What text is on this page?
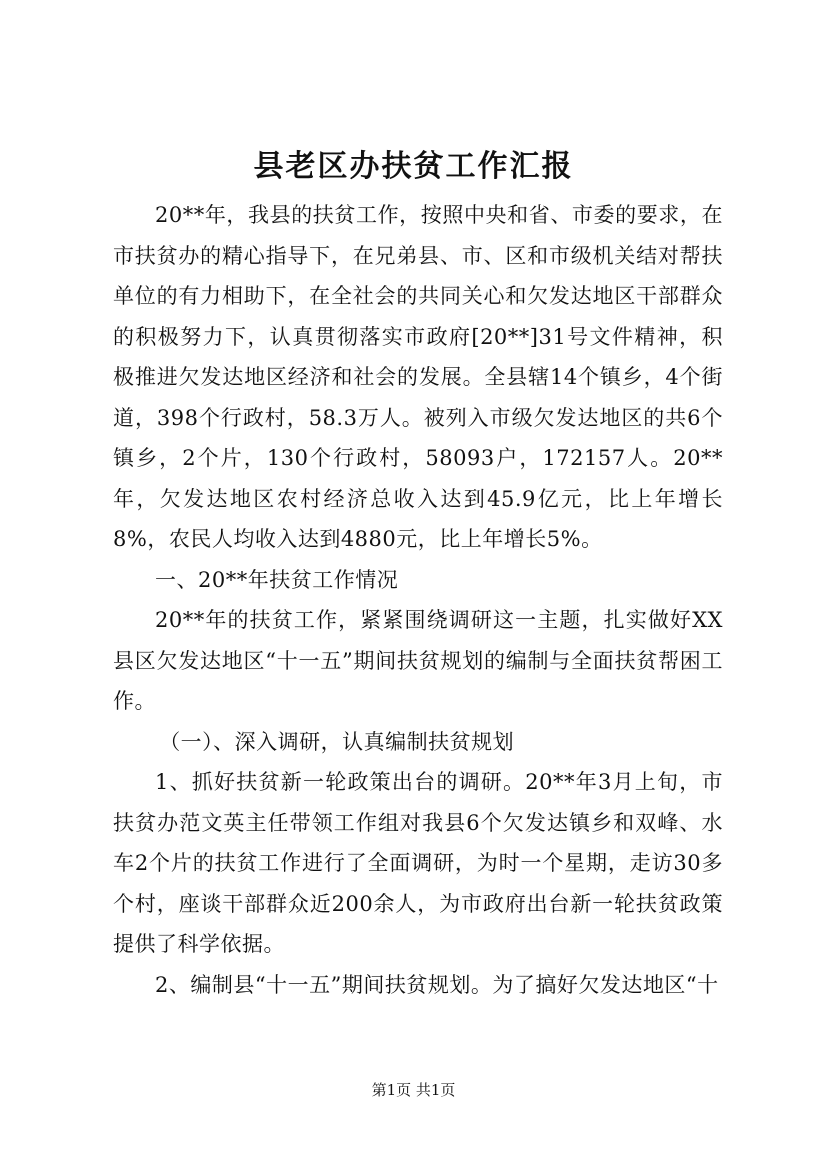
县老区办扶贫工作汇报

20**年，我县的扶贫工作，按照中央和省、市委的要求，在市扶贫办的精心指导下，在兄弟县、市、区和市级机关结对帮扶单位的有力相助下，在全社会的共同关心和欠发达地区干部群众的积极努力下，认真贯彻落实市政府[20**]31号文件精神，积极推进欠发达地区经济和社会的发展。全县辖14个镇乡，4个街道，398个行政村，58.3万人。被列入市级欠发达地区的共6个镇乡，2个片，130个行政村，58093户，172157人。20**年，欠发达地区农村经济总收入达到45.9亿元，比上年增长8%，农民人均收入达到4880元，比上年增长5%。

一、20**年扶贫工作情况

20**年的扶贫工作，紧紧围绕调研这一主题，扎实做好XX县区欠发达地区“十一五”期间扶贫规划的编制与全面扶贫帮困工作。

（一）、深入调研，认真编制扶贫规划

1、抓好扶贫新一轮政策出台的调研。20**年3月上旬，市扶贫办范文英主任带领工作组对我县6个欠发达镇乡和双峰、水车2个片的扶贫工作进行了全面调研，为时一个星期，走访30多个村，座谈干部群众近200余人，为市政府出台新一轮扶贫政策提供了科学依据。

2、编制县“十一五”期间扶贫规划。为了搞好欠发达地区“十

第1页 共1页
